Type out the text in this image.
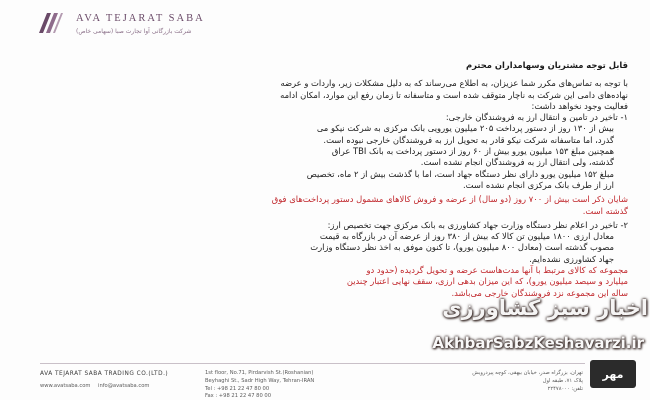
AVA TEJARAT SABA
شرکت بازرگانی آوا تجارت صبا (سهامی خاص)
قابل توجه مشتریان وسهامداران محترم
با توجه به تماس‌های مکرر شما عزیزان، به اطلاع می‌رساند که به دلیل مشکلات زیر، واردات و عرضه
نهاده‌های دامی این شرکت به ناچار متوقف شده است و متاسفانه تا زمان رفع این موارد، امکان ادامه
فعالیت وجود نخواهد داشت:
۱- تاخیر در تامین و انتقال ارز به فروشندگان خارجی:
بیش از ۱۳۰ روز از دستور پرداخت ۲۰۵ میلیون یورویی بانک مرکزی به شرکت نیکو می
گذرد، اما متاسفانه شرکت نیکو قادر به تحویل ارز به فروشندگان خارجی نبوده است.
همچنین مبلغ ۱۵۳ میلیون یورو بیش از ۶۰ روز از دستور پرداخت به بانک TBI عراق
گذشته، ولی انتقال ارز به فروشندگان انجام نشده است.
مبلغ ۱۵۲ میلیون یورو دارای نظر دستگاه جهاد است، اما با گذشت بیش از ۲ ماه، تخصیص
ارز از طرف بانک مرکزی انجام نشده است.
شایان ذکر است بیش از ۷۰۰ روز (دو سال) از عرضه و فروش کالاهای مشمول دستور پرداخت‌های فوق
گذشته است.
۲- تاخیر در اعلام نظر دستگاه وزارت جهاد کشاورزی به بانک مرکزی جهت تخصیص ارز:
معادل ارزی ۱۸۰۰ میلیون تن کالا که بیش از ۳۸۰ روز از عرضه آن در بازرگاه به قیمت
مصوب گذشته است (معادل ۸۰۰ میلیون یورو)، تا کنون موفق به اخذ نظر دستگاه وزارت
جهاد کشاورزی نشده‌ایم.
مجموعه که کالای مرتبط با آنها مدت‌هاست عرضه و تحویل گردیده (حدود دو
میلیارد و سیصد میلیون یورو)، که این میزان بدهی ارزی، سقف نهایی اعتبار چندین
ساله این مجموعه نزد فروشندگان خارجی می‌باشد.
اخبار سبز کشاورزی
AkhbarSabzKeshavarzi.ir
مهر
AVA TEJARAT SABA TRADING CO.(LTD.)
www.avatsaba.com info@avatsaba.com
1st floor, No.71, Pirdarvish St.(Roshanian)
Beyhaghi St., Sadr High Way, Tehran-IRAN
Tel : +98 21 22 47 80 00
Fax : +98 21 22 47 80 00
تهران، بزرگراه صدر، خیابان بیهقی، کوچه پیردرویش
پلاک ۷۱، طبقه اول
تلفن: ۲۲۴۷۸۰۰۰
